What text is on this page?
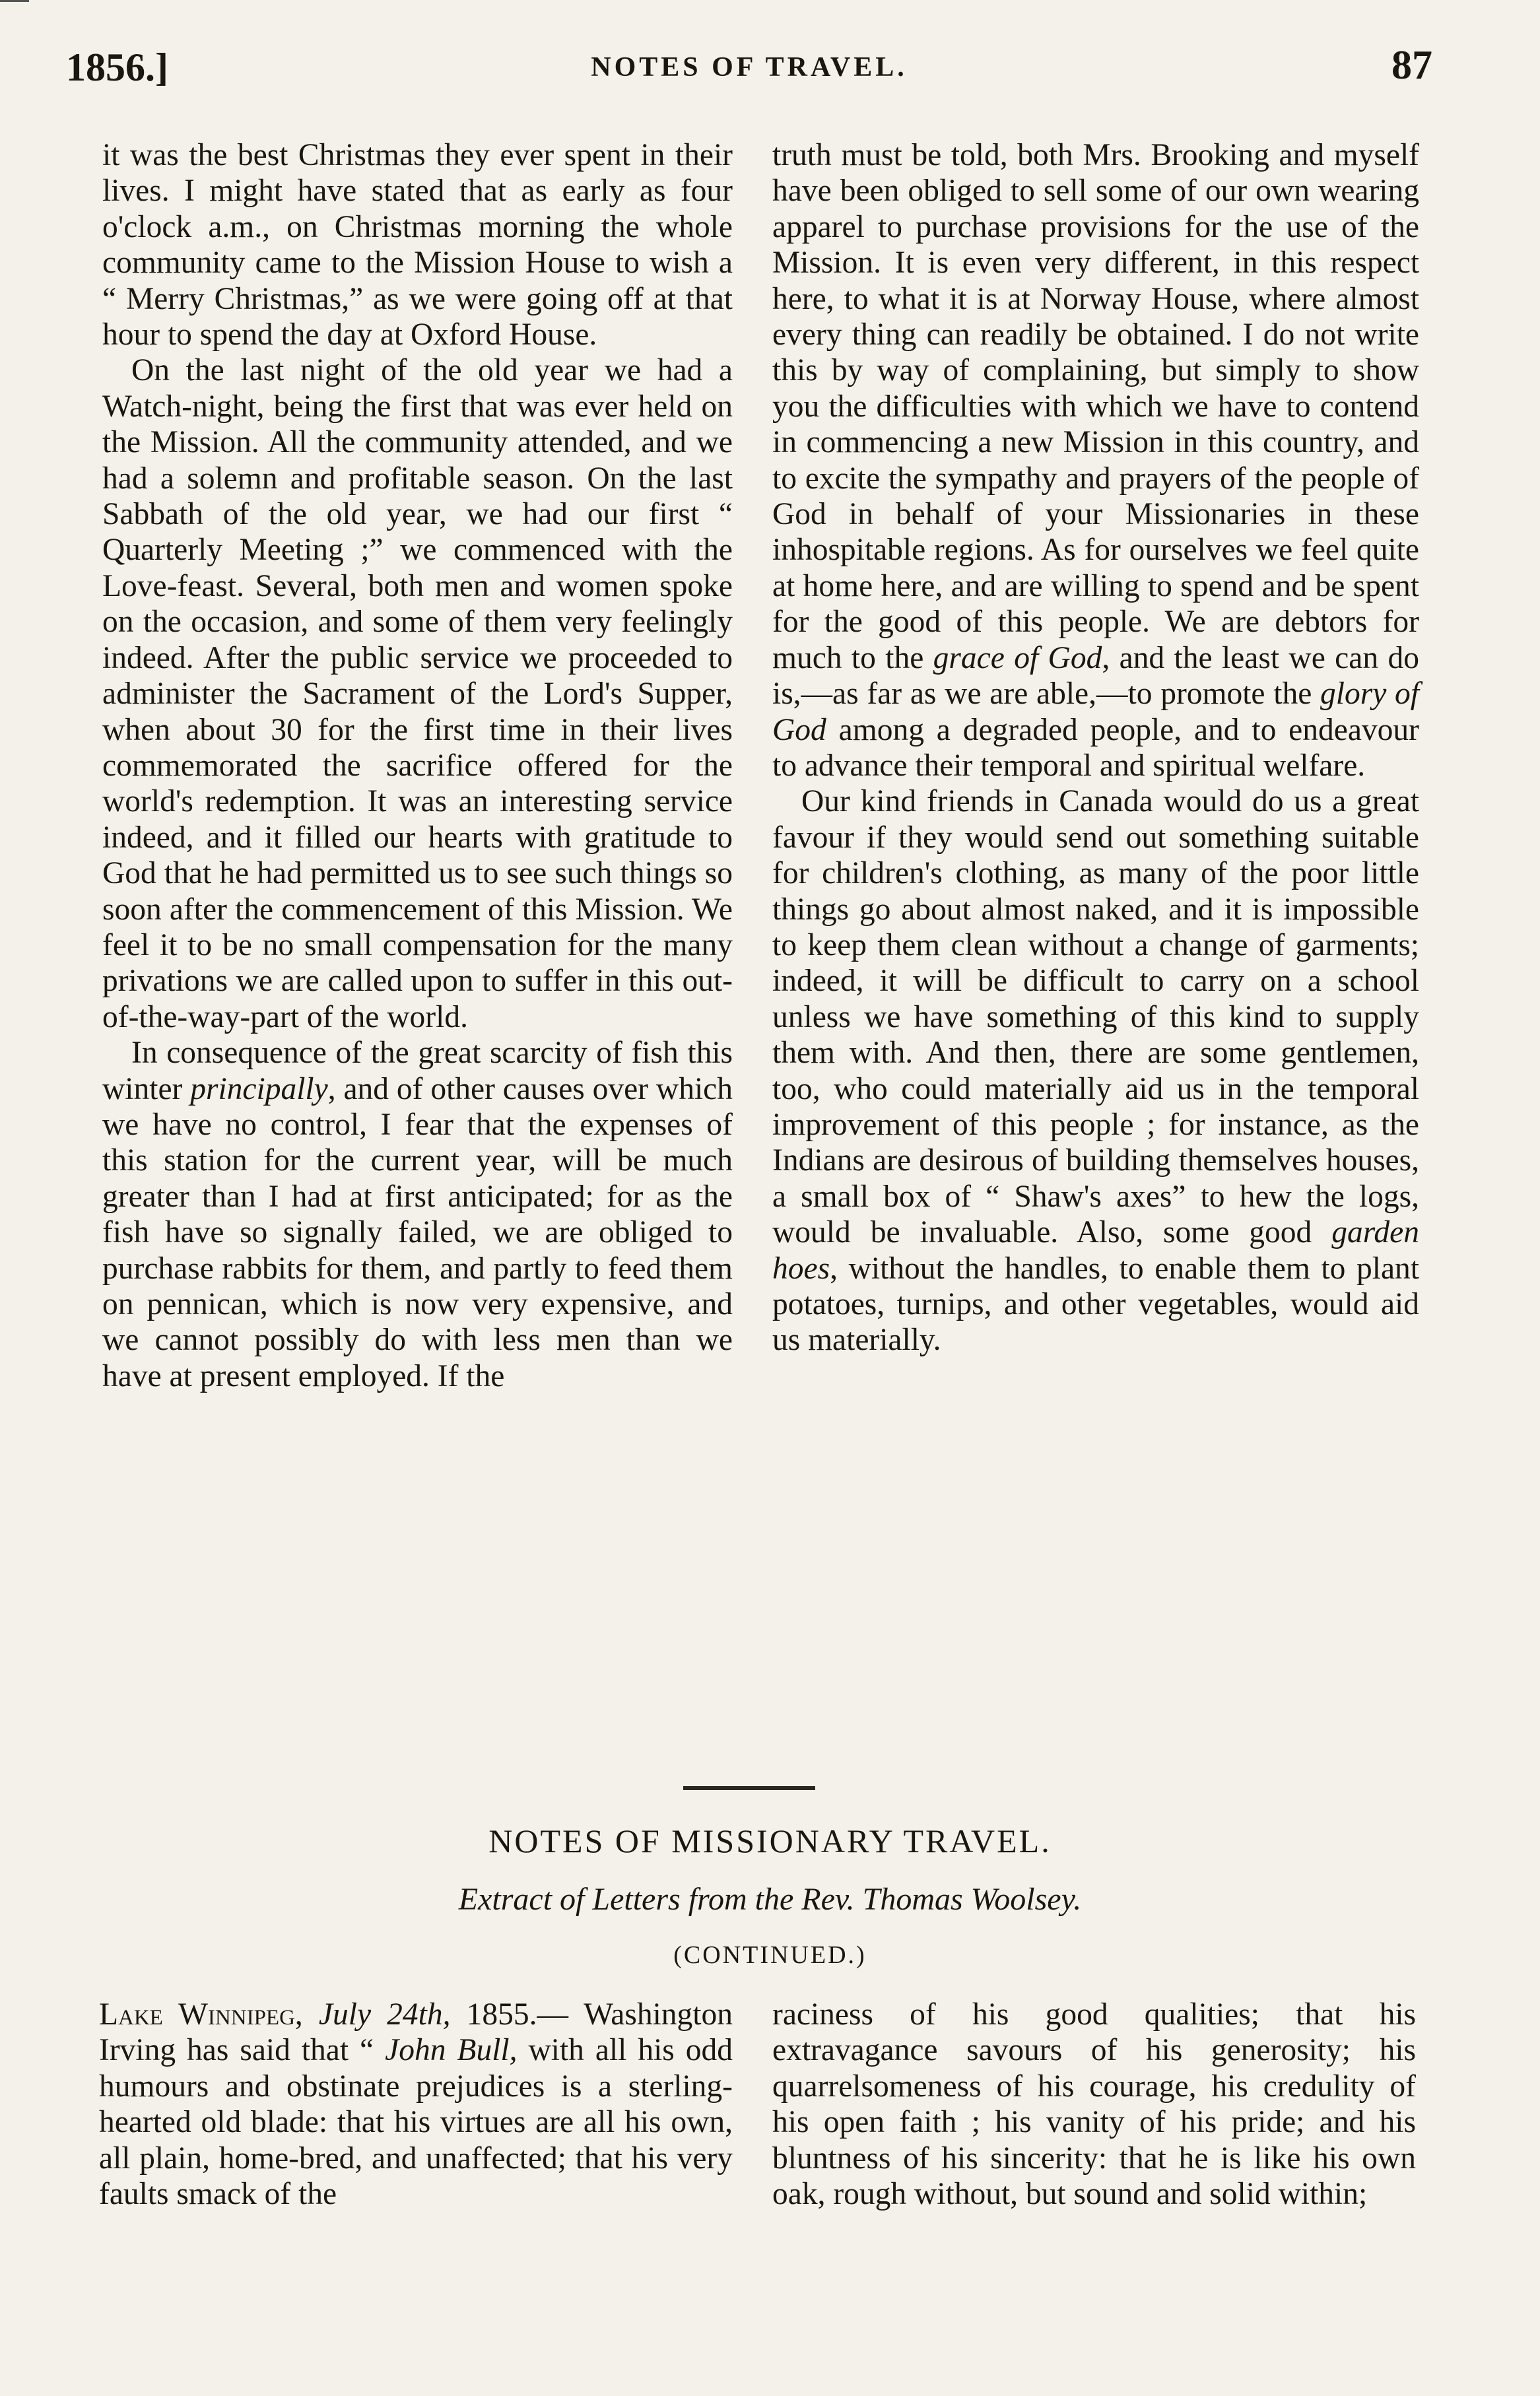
1856.]	NOTES OF TRAVEL.	87

it was the best Christmas they ever spent in their lives. I might have stated that as early as four o'clock a.m., on Christmas morning the whole community came to the Mission House to wish a “ Merry Christmas,” as we were going off at that hour to spend the day at Oxford House.

On the last night of the old year we had a Watch-night, being the first that was ever held on the Mission. All the community attended, and we had a solemn and profitable season. On the last Sabbath of the old year, we had our first “ Quarterly Meeting ;” we commenced with the Love-feast. Several, both men and women spoke on the occasion, and some of them very feelingly indeed. After the public service we proceeded to administer the Sacrament of the Lord's Supper, when about 30 for the first time in their lives commemorated the sacrifice offered for the world's redemption. It was an interesting service indeed, and it filled our hearts with gratitude to God that he had permitted us to see such things so soon after the commencement of this Mission. We feel it to be no small compensation for the many privations we are called upon to suffer in this out-of-the-way-part of the world.

In consequence of the great scarcity of fish this winter principally, and of other causes over which we have no control, I fear that the expenses of this station for the current year, will be much greater than I had at first anticipated; for as the fish have so signally failed, we are obliged to purchase rabbits for them, and partly to feed them on pennican, which is now very expensive, and we cannot possibly do with less men than we have at present employed. If the

truth must be told, both Mrs. Brooking and myself have been obliged to sell some of our own wearing apparel to purchase provisions for the use of the Mission. It is even very different, in this respect here, to what it is at Norway House, where almost every thing can readily be obtained. I do not write this by way of complaining, but simply to show you the difficulties with which we have to contend in commencing a new Mission in this country, and to excite the sympathy and prayers of the people of God in behalf of your Missionaries in these inhospitable regions. As for ourselves we feel quite at home here, and are willing to spend and be spent for the good of this people. We are debtors for much to the grace of God, and the least we can do is,—as far as we are able,—to promote the glory of God among a degraded people, and to endeavour to advance their temporal and spiritual welfare.

Our kind friends in Canada would do us a great favour if they would send out something suitable for children's clothing, as many of the poor little things go about almost naked, and it is impossible to keep them clean without a change of garments; indeed, it will be difficult to carry on a school unless we have something of this kind to supply them with. And then, there are some gentlemen, too, who could materially aid us in the temporal improvement of this people ; for instance, as the Indians are desirous of building themselves houses, a small box of “ Shaw's axes” to hew the logs, would be invaluable. Also, some good garden hoes, without the handles, to enable them to plant potatoes, turnips, and other vegetables, would aid us materially.

NOTES OF MISSIONARY TRAVEL.
Extract of Letters from the Rev. Thomas Woolsey.
(CONTINUED.)

Lake Winnipeg, July 24th, 1855.— Washington Irving has said that “ John Bull, with all his odd humours and obstinate prejudices is a sterling-hearted old blade: that his virtues are all his own, all plain, home-bred, and unaffected; that his very faults smack of the

raciness of his good qualities; that his extravagance savours of his generosity; his quarrelsomeness of his courage, his credulity of his open faith ; his vanity of his pride; and his bluntness of his sincerity: that he is like his own oak, rough without, but sound and solid within;
